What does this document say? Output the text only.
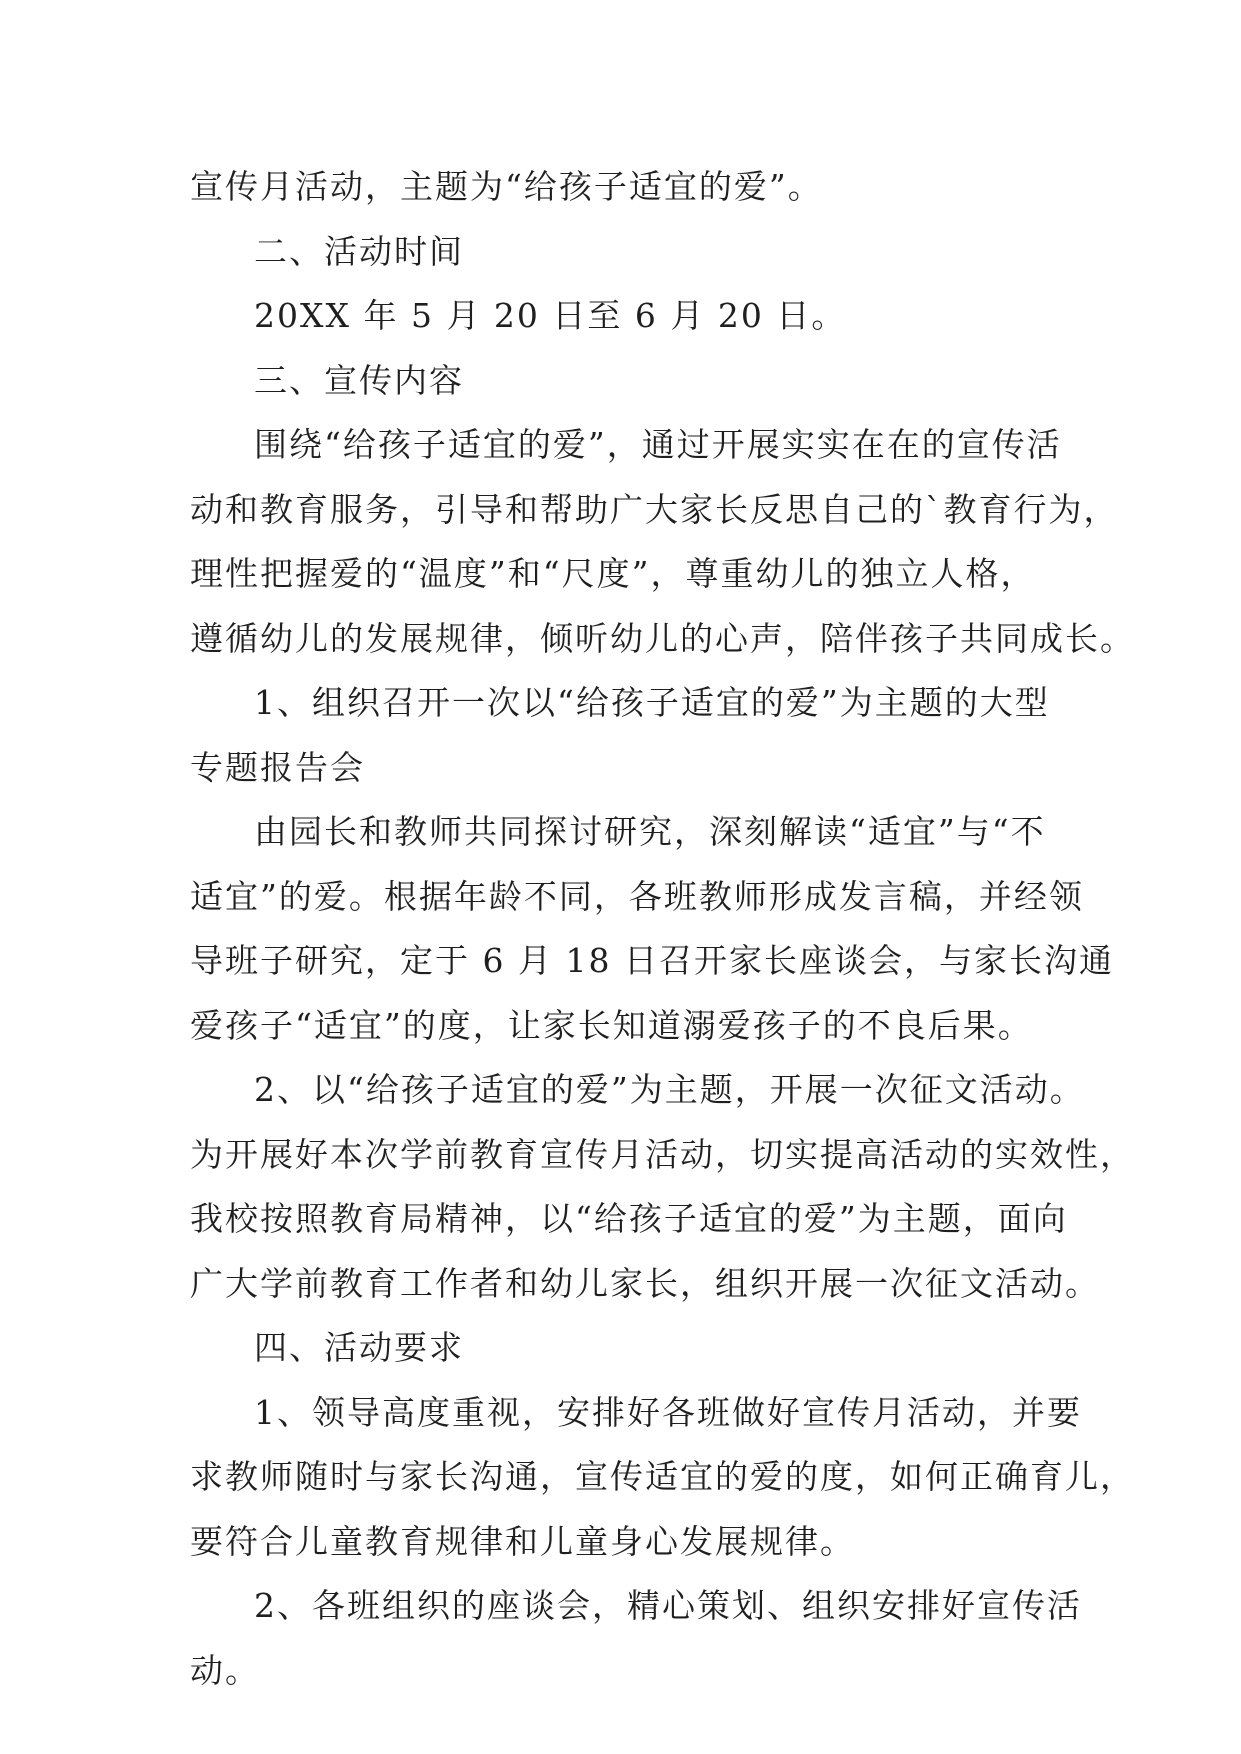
宣传月活动，主题为“给孩子适宜的爱”。
二、活动时间
20XX 年 5 月 20 日至 6 月 20 日。
三、宣传内容
围绕“给孩子适宜的爱”，通过开展实实在在的宣传活
动和教育服务，引导和帮助广大家长反思自己的`教育行为，
理性把握爱的“温度”和“尺度”，尊重幼儿的独立人格，
遵循幼儿的发展规律，倾听幼儿的心声，陪伴孩子共同成长。
1、组织召开一次以“给孩子适宜的爱”为主题的大型
专题报告会
由园长和教师共同探讨研究，深刻解读“适宜”与“不
适宜”的爱。根据年龄不同，各班教师形成发言稿，并经领
导班子研究，定于 6 月 18 日召开家长座谈会，与家长沟通
爱孩子“适宜”的度，让家长知道溺爱孩子的不良后果。
2、以“给孩子适宜的爱”为主题，开展一次征文活动。
为开展好本次学前教育宣传月活动，切实提高活动的实效性，
我校按照教育局精神，以“给孩子适宜的爱”为主题，面向
广大学前教育工作者和幼儿家长，组织开展一次征文活动。
四、活动要求
1、领导高度重视，安排好各班做好宣传月活动，并要
求教师随时与家长沟通，宣传适宜的爱的度，如何正确育儿，
要符合儿童教育规律和儿童身心发展规律。
2、各班组织的座谈会，精心策划、组织安排好宣传活
动。
